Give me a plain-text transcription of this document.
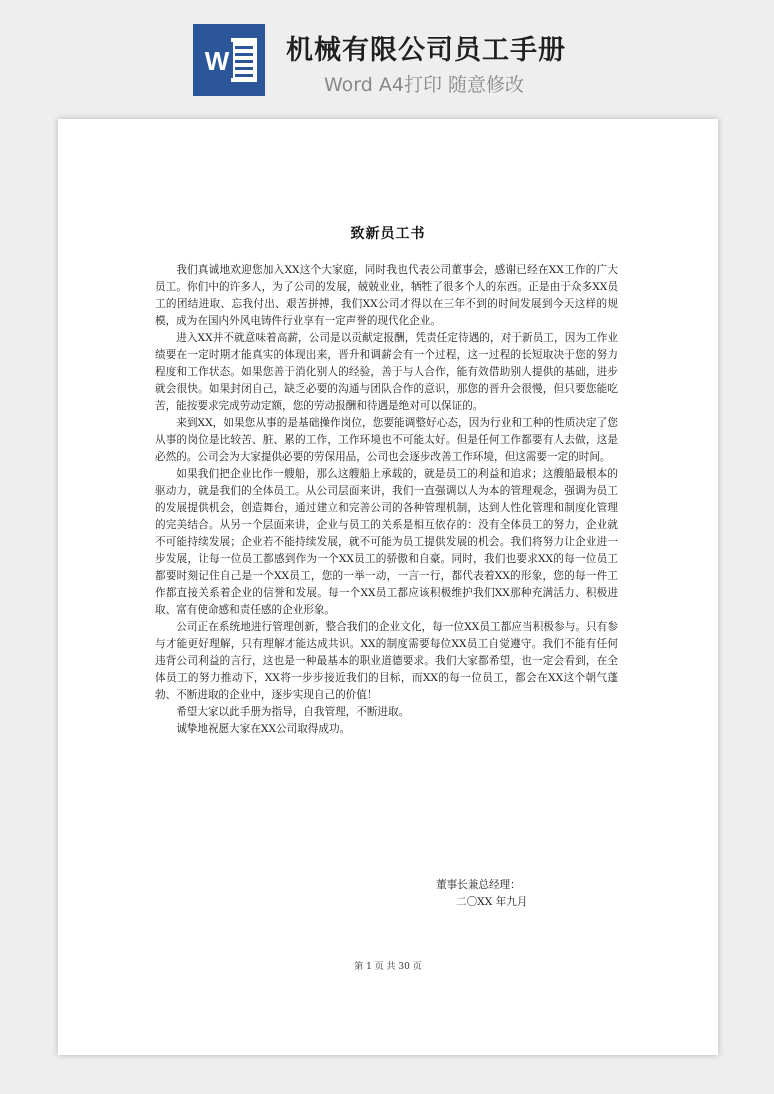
W 机械有限公司员工手册
Word A4打印 随意修改
致新员工书

我们真诚地欢迎您加入XX这个大家庭，同时我也代表公司董事会，感谢已经在XX工作的广大员工。你们中的许多人，为了公司的发展，兢兢业业，牺牲了很多个人的东西。正是由于众多XX员工的团结进取、忘我付出、艰苦拼搏，我们XX公司才得以在三年不到的时间发展到今天这样的规模，成为在国内外风电铸件行业享有一定声誉的现代化企业。

进入XX并不就意味着高薪，公司是以贡献定报酬，凭责任定待遇的，对于新员工，因为工作业绩要在一定时期才能真实的体现出来，晋升和调薪会有一个过程，这一过程的长短取决于您的努力程度和工作状态。如果您善于消化别人的经验，善于与人合作，能有效借助别人提供的基础，进步就会很快。如果封闭自己，缺乏必要的沟通与团队合作的意识，那您的晋升会很慢，但只要您能吃苦，能按要求完成劳动定额，您的劳动报酬和待遇是绝对可以保证的。

来到XX，如果您从事的是基础操作岗位，您要能调整好心态，因为行业和工种的性质决定了您从事的岗位是比较苦、脏、累的工作，工作环境也不可能太好。但是任何工作都要有人去做，这是必然的。公司会为大家提供必要的劳保用品，公司也会逐步改善工作环境，但这需要一定的时间。

如果我们把企业比作一艘船，那么这艘船上承载的，就是员工的利益和追求；这艘船最根本的驱动力，就是我们的全体员工。从公司层面来讲，我们一直强调以人为本的管理观念，强调为员工的发展提供机会，创造舞台，通过建立和完善公司的各种管理机制，达到人性化管理和制度化管理的完美结合。从另一个层面来讲，企业与员工的关系是相互依存的：没有全体员工的努力，企业就不可能持续发展；企业若不能持续发展，就不可能为员工提供发展的机会。我们将努力让企业进一步发展，让每一位员工都感到作为一个XX员工的骄傲和自豪。同时，我们也要求XX的每一位员工都要时刻记住自己是一个XX员工，您的一举一动，一言一行，都代表着XX的形象，您的每一件工作都直接关系着企业的信誉和发展。每一个XX员工都应该积极维护我们XX那种充满活力、积极进取、富有使命感和责任感的企业形象。

公司正在系统地进行管理创新，整合我们的企业文化，每一位XX员工都应当积极参与。只有参与才能更好理解，只有理解才能达成共识。XX的制度需要每位XX员工自觉遵守。我们不能有任何违背公司利益的言行，这也是一种最基本的职业道德要求。我们大家都希望，也一定会看到，在全体员工的努力推动下，XX将一步步接近我们的目标，而XX的每一位员工，都会在XX这个朝气蓬勃、不断进取的企业中，逐步实现自己的价值！

希望大家以此手册为指导，自我管理，不断进取。

诚挚地祝愿大家在XX公司取得成功。

董事长兼总经理：
二〇XX 年九月
第 1 页 共 30 页
